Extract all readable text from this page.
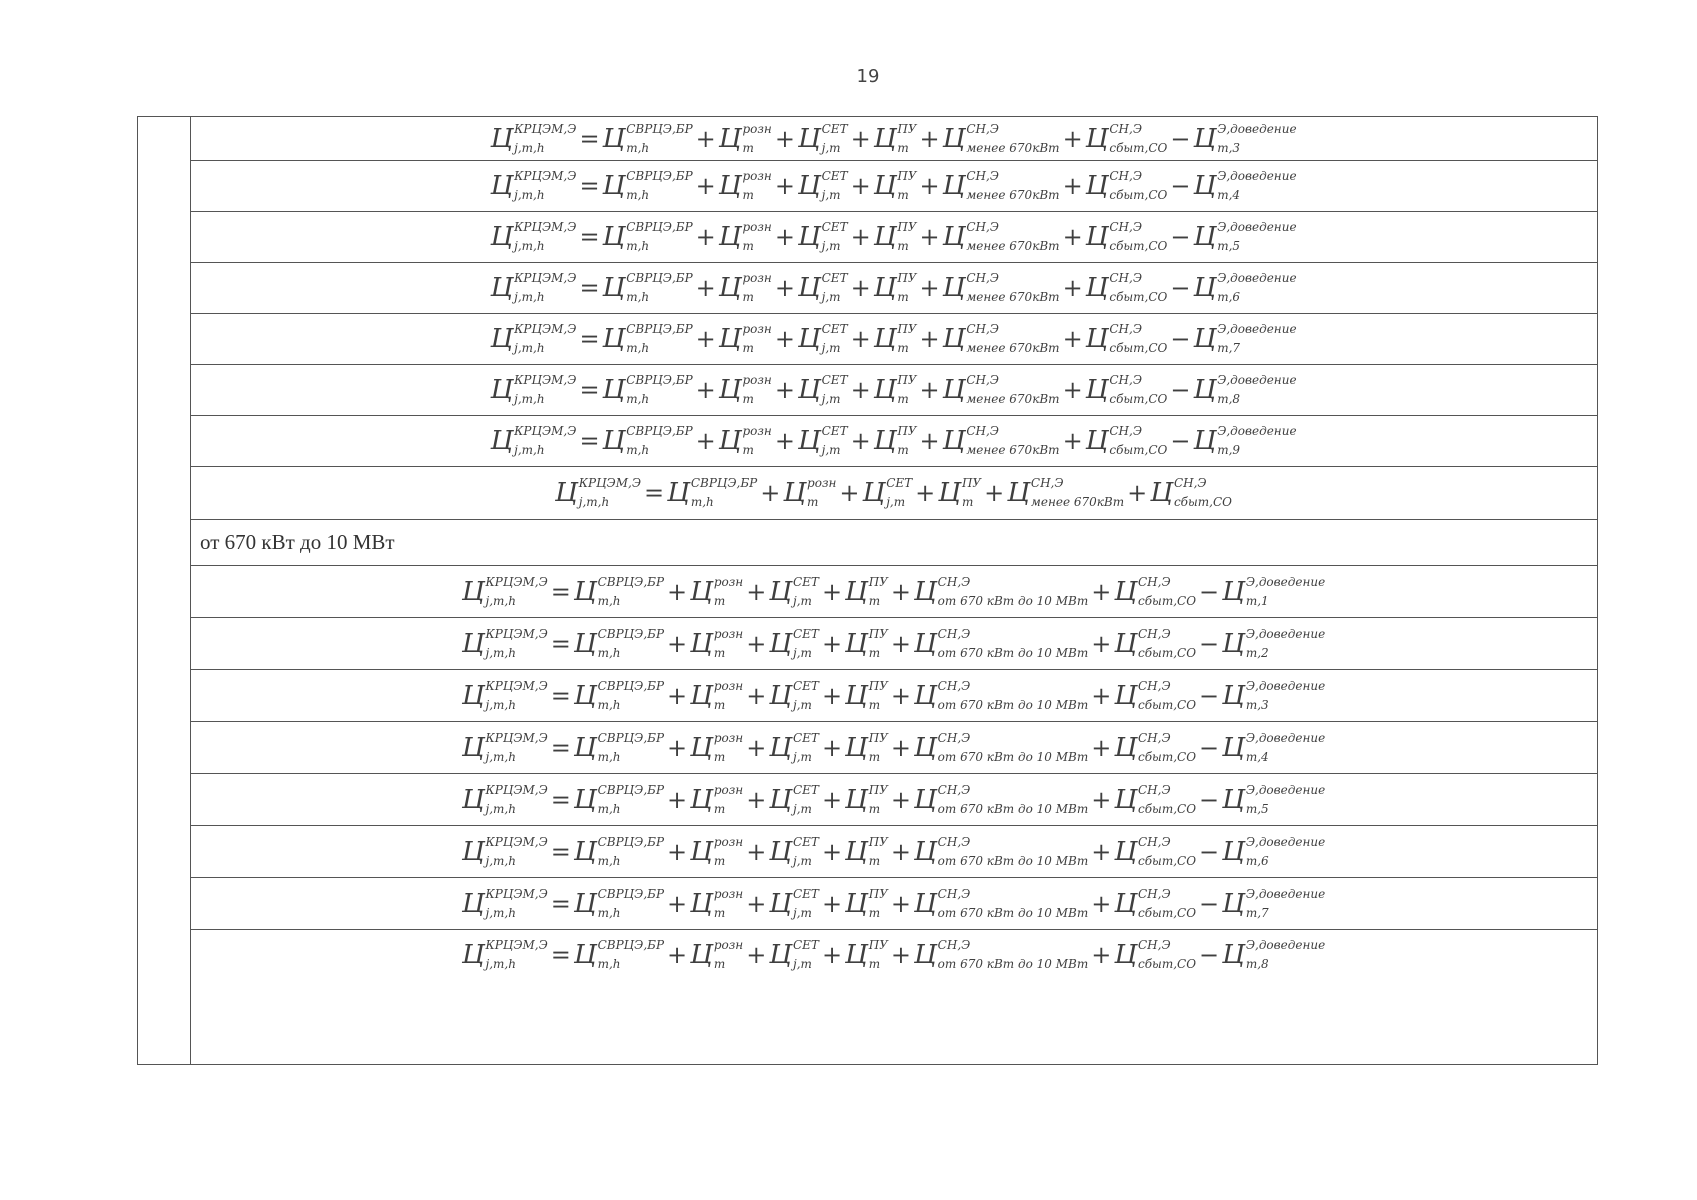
19
Ц КРЦЭМ,Э
j,m,h	= Ц СВРЦЭ,БР
m,h	+ Ц розн
m + Ц СЕТ
j,m + Ц ПУ
m + Ц СН,Э
менее 670кВт + Ц СН,Э
сбыт,СО − Ц Э,доведение
m,3
Ц КРЦЭМ,Э
j,m,h	= Ц СВРЦЭ,БР
m,h	+ Ц розн
m + Ц СЕТ
j,m + Ц ПУ
m + Ц СН,Э
менее 670кВт + Ц СН,Э
сбыт,СО − Ц Э,доведение
m,4
Ц КРЦЭМ,Э
j,m,h	= Ц СВРЦЭ,БР
m,h	+ Ц розн
m + Ц СЕТ
j,m + Ц ПУ
m + Ц СН,Э
менее 670кВт + Ц СН,Э
сбыт,СО − Ц Э,доведение
m,5
Ц КРЦЭМ,Э
j,m,h	= Ц СВРЦЭ,БР
m,h	+ Ц розн
m + Ц СЕТ
j,m + Ц ПУ
m + Ц СН,Э
менее 670кВт + Ц СН,Э
сбыт,СО − Ц Э,доведение
m,6
Ц КРЦЭМ,Э
j,m,h	= Ц СВРЦЭ,БР
m,h	+ Ц розн
m + Ц СЕТ
j,m + Ц ПУ
m + Ц СН,Э
менее 670кВт + Ц СН,Э
сбыт,СО − Ц Э,доведение
m,7
Ц КРЦЭМ,Э
j,m,h	= Ц СВРЦЭ,БР
m,h	+ Ц розн
m + Ц СЕТ
j,m + Ц ПУ
m + Ц СН,Э
менее 670кВт + Ц СН,Э
сбыт,СО − Ц Э,доведение
m,8
Ц КРЦЭМ,Э
j,m,h	= Ц СВРЦЭ,БР
m,h	+ Ц розн
m + Ц СЕТ
j,m + Ц ПУ
m + Ц СН,Э
менее 670кВт + Ц СН,Э
сбыт,СО − Ц Э,доведение
m,9
Ц КРЦЭМ,Э
j,m,h	= Ц СВРЦЭ,БР
m,h	+ Ц розн
m + Ц СЕТ
j,m + Ц ПУ
m + Ц СН,Э
менее 670кВт + Ц СН,Э
сбыт,СО
от 670 кВт до 10 МВт
Ц КРЦЭМ,Э
j,m,h	= Ц СВРЦЭ,БР
m,h	+ Ц розн
m + Ц СЕТ
j,m + Ц ПУ
m + Ц СН,Э
от 670 кВт до 10 МВт + Ц СН,Э
сбыт,СО − Ц Э,доведение
m,1
Ц КРЦЭМ,Э
j,m,h	= Ц СВРЦЭ,БР
m,h	+ Ц розн
m + Ц СЕТ
j,m + Ц ПУ
m + Ц СН,Э
от 670 кВт до 10 МВт + Ц СН,Э
сбыт,СО − Ц Э,доведение
m,2
Ц КРЦЭМ,Э
j,m,h	= Ц СВРЦЭ,БР
m,h	+ Ц розн
m + Ц СЕТ
j,m + Ц ПУ
m + Ц СН,Э
от 670 кВт до 10 МВт + Ц СН,Э
сбыт,СО − Ц Э,доведение
m,3
Ц КРЦЭМ,Э
j,m,h	= Ц СВРЦЭ,БР
m,h	+ Ц розн
m + Ц СЕТ
j,m + Ц ПУ
m + Ц СН,Э
от 670 кВт до 10 МВт + Ц СН,Э
сбыт,СО − Ц Э,доведение
m,4
Ц КРЦЭМ,Э
j,m,h	= Ц СВРЦЭ,БР
m,h	+ Ц розн
m + Ц СЕТ
j,m + Ц ПУ
m + Ц СН,Э
от 670 кВт до 10 МВт + Ц СН,Э
сбыт,СО − Ц Э,доведение
m,5
Ц КРЦЭМ,Э
j,m,h	= Ц СВРЦЭ,БР
m,h	+ Ц розн
m + Ц СЕТ
j,m + Ц ПУ
m + Ц СН,Э
от 670 кВт до 10 МВт + Ц СН,Э
сбыт,СО − Ц Э,доведение
m,6
Ц КРЦЭМ,Э
j,m,h	= Ц СВРЦЭ,БР
m,h	+ Ц розн
m + Ц СЕТ
j,m + Ц ПУ
m + Ц СН,Э
от 670 кВт до 10 МВт + Ц СН,Э
сбыт,СО − Ц Э,доведение
m,7
Ц КРЦЭМ,Э
j,m,h	= Ц СВРЦЭ,БР
m,h	+ Ц розн
m + Ц СЕТ
j,m + Ц ПУ
m + Ц СН,Э
от 670 кВт до 10 МВт + Ц СН,Э
сбыт,СО − Ц Э,доведение
m,8
